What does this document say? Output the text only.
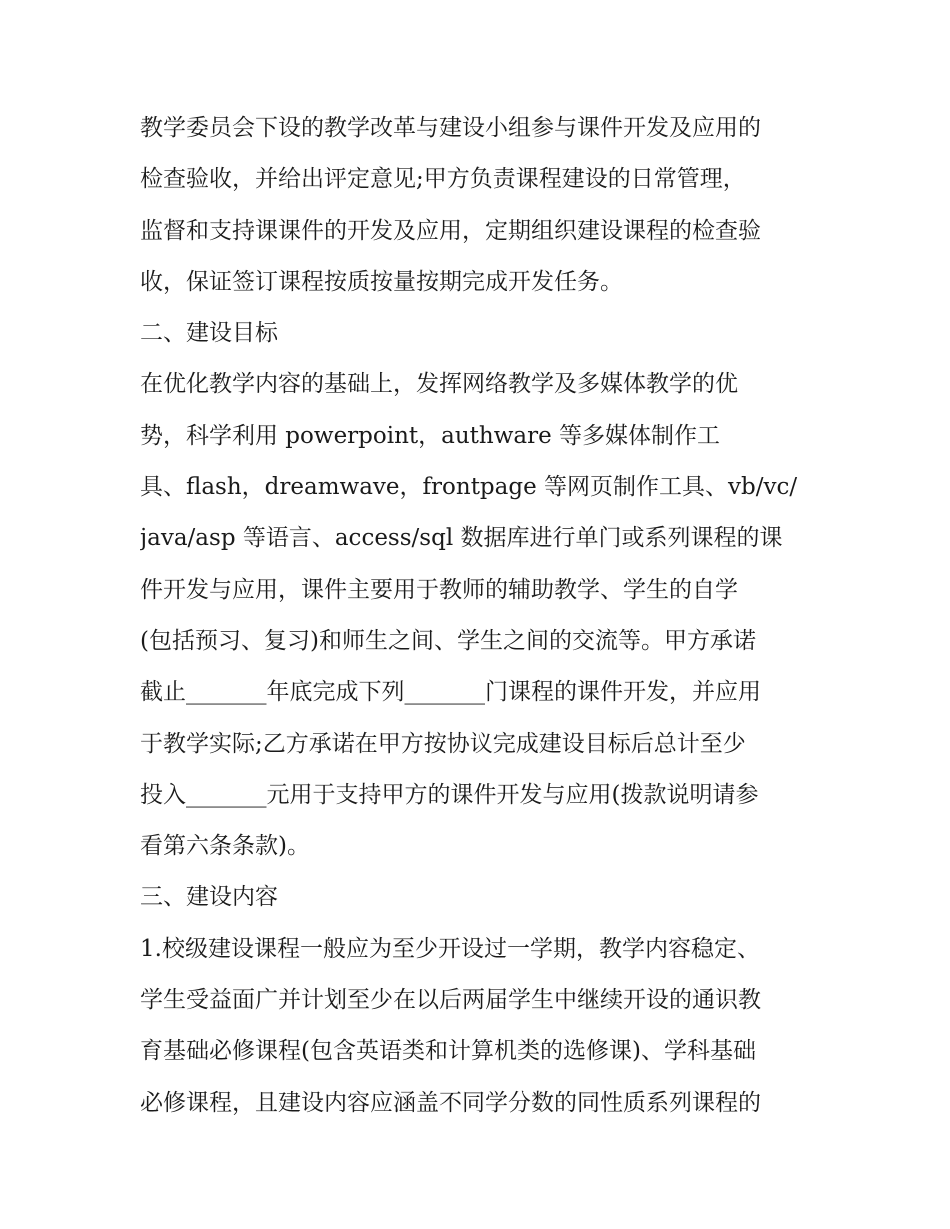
教学委员会下设的教学改革与建设小组参与课件开发及应用的
检查验收，并给出评定意见;甲方负责课程建设的日常管理，
监督和支持课课件的开发及应用，定期组织建设课程的检查验
收，保证签订课程按质按量按期完成开发任务。
二、建设目标
在优化教学内容的基础上，发挥网络教学及多媒体教学的优
势，科学利用 powerpoint，authware 等多媒体制作工
具、flash，dreamwave，frontpage 等网页制作工具、vb/vc/
java/asp 等语言、access/sql 数据库进行单门或系列课程的课
件开发与应用，课件主要用于教师的辅助教学、学生的自学
(包括预习、复习)和师生之间、学生之间的交流等。甲方承诺
截止_______年底完成下列_______门课程的课件开发，并应用
于教学实际;乙方承诺在甲方按协议完成建设目标后总计至少
投入_______元用于支持甲方的课件开发与应用(拨款说明请参
看第六条条款)。
三、建设内容
1.校级建设课程一般应为至少开设过一学期，教学内容稳定、
学生受益面广并计划至少在以后两届学生中继续开设的通识教
育基础必修课程(包含英语类和计算机类的选修课)、学科基础
必修课程，且建设内容应涵盖不同学分数的同性质系列课程的
